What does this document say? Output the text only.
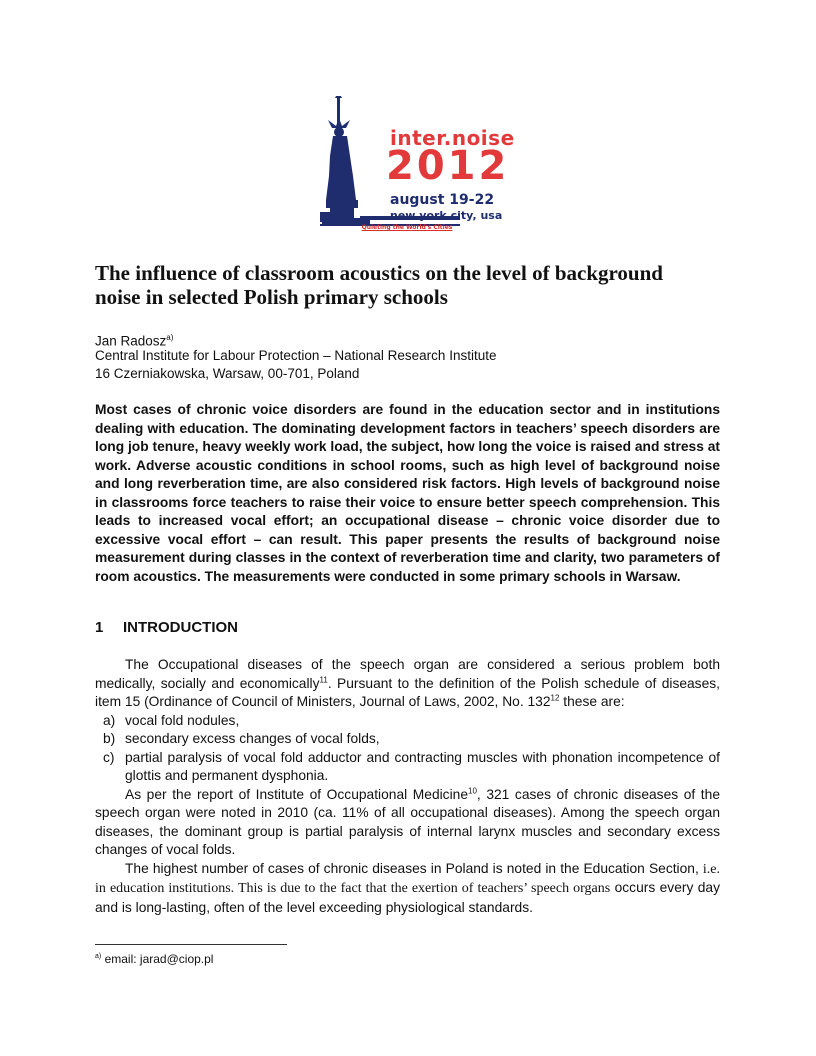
inter.noise
2012
august 19-22
new york city, usa
Quieting the World's Cities
The influence of classroom acoustics on the level of background
noise in selected Polish primary schools
Jan Radosz$^{a)}$
Central Institute for Labour Protection – National Research Institute
16 Czerniakowska, Warsaw, 00-701, Poland
Most cases of chronic voice disorders are found in the education sector and in institutions dealing with education. The dominating development factors in teachers’ speech disorders are long job tenure, heavy weekly work load, the subject, how long the voice is raised and stress at work. Adverse acoustic conditions in school rooms, such as high level of background noise and long reverberation time, are also considered risk factors. High levels of background noise in classrooms force teachers to raise their voice to ensure better speech comprehension. This leads to increased vocal effort; an occupational disease – chronic voice disorder due to excessive vocal effort – can result. This paper presents the results of background noise measurement during classes in the context of reverberation time and clarity, two parameters of room acoustics. The measurements were conducted in some primary schools in Warsaw.
1 INTRODUCTION

The Occupational diseases of the speech organ are considered a serious problem both medically, socially and economically$^{11}$. Pursuant to the definition of the Polish schedule of diseases, item 15 (Ordinance of Council of Ministers, Journal of Laws, 2002, No. $132^{12}$ these are:

a) vocal fold nodules,
b) secondary excess changes of vocal folds,
c) partial paralysis of vocal fold adductor and contracting muscles with phonation incompetence of glottis and permanent dysphonia.

As per the report of Institute of Occupational Medicine$^{10}$, 321 cases of chronic diseases of the speech organ were noted in 2010 (ca. 11% of all occupational diseases). Among the speech organ diseases, the dominant group is partial paralysis of internal larynx muscles and secondary excess changes of vocal folds.

The highest number of cases of chronic diseases in Poland is noted in the Education Section, i.e. in education institutions. This is due to the fact that the exertion of teachers’ speech organs occurs every day and is long-lasting, often of the level exceeding physiological standards.

$^{a)}$ email: jarad@ciop.pl
